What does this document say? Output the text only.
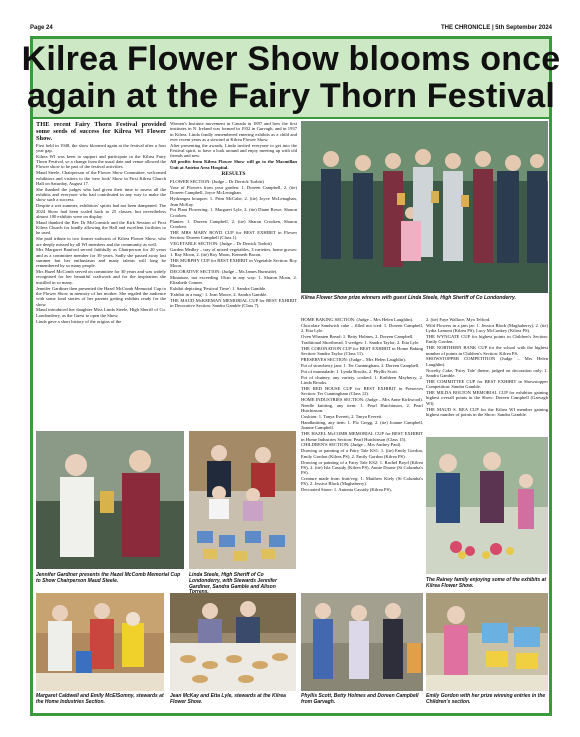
Page 24	THE CHRONICLE | 5th September 2024
Kilrea Flower Show blooms once
again at the Fairy Thorn Festival

THE recent Fairy Thorn Festival provided some seeds of success for Kilrea WI Flower Show.

First held in 1948, the show bloomed again at the festival after a four year gap.

Kilrea WI was keen to support and participate in the Kilrea Fairy Thorn Festival, so a change from the usual date and venue allowed the Flower show to be part of the festival activities.

Maud Steele, Chairperson of the Flower Show Committee, welcomed exhibitors and visitors to the 'new look' Show in First Kilrea Church Hall on Saturday, August 17.

She thanked the judges who had given their time to assess all the exhibits and everyone who had contributed in any way to make the show such a success.

Despite a wet summer, exhibitors' spirits had not been dampened. The 2024 Show had been scaled back to 25 classes, but nevertheless almost 100 exhibits were on display.

Maud thanked the Rev Dr McCormick and the Kirk Session of First Kilrea Church for kindly allowing the Hall and excellent facilities to be used.

She paid tribute to two former stalwarts of Kilrea Flower Show, who are deeply missed by all WI members and the community as well.

Mrs Margaret Banford served faithfully as Chairperson for 20 years and as a committee member for 39 years. Sadly she passed away last summer but her enthusiasm and many talents will long be remembered by so many people.

Mrs Hazel McComb served on committee for 30 years and was widely recognised for her beautiful craftwork and for the inspiration she instilled in so many.

Jennifer Gardiner then presented the Hazel McComb Memorial Cup to the Flower Show in memory of her mother. She regaled the audience with some fond stories of her parents getting exhibits ready for the show.

Maud introduced her daughter Miss Linda Steele, High Sheriff of Co. Londonderry, as the Guest to open the Show.

Linda gave a short history of the origins of the

Women's Institute movement in Canada in 1897 and how the first institutes in N. Ireland was formed in 1932 in Garvagh, and in 1937 in Kilrea. Linda fondly remembered entering exhibits as a child and ever recent years as a steward at Kilrea Flower Show.

After presenting the awards, Linda invited everyone to get into the Festival spirit, to have a look around and enjoy meeting up with old friends and new.

All profits from Kilrea Flower Show will go to the Macmillan Unit at Antrim Area Hospital.

RESULTS

FLOWER SECTION: (Judge – Dr Derrick Turbitt)

Vase of Flowers from your garden: 1. Doreen Campbell, 2. (tie) Doreen Campbell, Joyce McLenaghan.

Hydrangea bouquet: 1. Prim McCabe, 2. (tie) Joyce McLenaghan, Jean McKay.

Pot Plant Flowering: 1. Margaret Lyle, 2. (tie) Diane Rowe, Sharon Crooken.

Planter: 1. Doreen Campbell, 2. (tie) Sharon Crooken, Sharon Crooken.

THE MRS MARY BOYD CUP for BEST EXHIBIT in Flower Section: Doreen Campbell (Class 1).

VEGETABLE SECTION: (Judge – Dr Derrick Turbitt)

Garden Medley – tray of mixed vegetables, 3 varieties, home grown: 1. Ray Moon, 2. (tie) Roy Moon, Kenneth Bacon.

THE MURPHY CUP for BEST EXHIBIT in Vegetable Section: Roy Moon.

DECORATIVE SECTION: (Judge – Ms James Burnside).

Miniature, not exceeding 10cm in any way: 1. Sharon Moon, 2. Elizabeth Conner.

Exhibit depicting 'Festival Time': 1. Sandra Gamble.

'Exhibit in a mug': 1. Jean Moore, 2. Sandra Gamble.

THE MAUD McKEEMAN MEMORIAL CUP for BEST EXHIBIT in Decorative Section: Sandra Gamble (Class 7).

HOME BAKING SECTION: (Judge – Mrs Helen Laughlin).

Chocolate Sandwich cake – filled not iced: 1. Doreen Campbell, 2. Etta Lyle.

Oven Wheaten Bread: 1. Betty Holmes, 2. Doreen Campbell.

Traditional Shortbread, 5 wedges: 1. Sandra Taylor, 2. Etta Lyle.

THE CORONATION CUP for BEST EXHIBIT in Home Baking Section: Sandra Taylor (Class 11).

PRESERVES SECTION: (Judge – Mrs Helen Laughlin).

Pot of strawberry jam: 1. Ter Cunningham, 2. Doreen Campbell.

Pot of marmalade: 1. Lynda Brooks, 2. Phyllis Scott.

Pot of chutney, any variety, cooked: 1. Kathleen Mayberry, 2. Linda Brooks.

THE RED HOUSE CUP for BEST EXHIBIT in Preserves Section: Ter Cunningham (Class 12).

HOME INDUSTRIES SECTION: (Judge – Mrs Anne Kirkwood).

Needle knitting, any item: 1. Pearl Hutchinson, 2. Pearl Hutchinson.

Cushion: 1. Tanya Everett, 2. Tanya Everett.

Handknitting, any item: 1. Flo Gregg, 2. (tie) Joanne Campbell, Joanne Campbell.

THE HAZEL McCOMB MEMORIAL CUP for BEST EXHIBIT in Home Industries Section: Pearl Hutchinson (Class 15).

CHILDREN'S SECTION: (Judge – Mrs Audrey Paul).

Drawing or painting of a Fairy Tale KS1: 1. (tie) Emily Gordon, Emily Gordon (Kilrea PS), 2. Emily Gordon (Kilrea PS).

Drawing or painting of a Fairy Tale KS2: 1. Rachel Boyd (Kilrea PS), 2. (tie) Isla Cassidy (Kilrea PS), Annie Doone (St Columba's PS).

Creature made from fruit/veg: 1. Matthew Kiely (St Columba's PS), 2. Jessica Black (Maghaberry).

Decorated Stone: 1. Antonia Cassidy (Kilrea PS),

2. (tie) Faye Wallace, Mya Telford.

Wild Flowers in a jam jar: 1. Jessica Black (Maghaberry), 2. (tie) Lydia Lamont (Kilrea PS), Lucy McConkey (Kilrea PS).

THE WYNGATE CUP for highest points in Children's Section: Emily Gordon.

THE NORTHERN BANK CUP for the school with the highest number of points in Children's Section: Kilrea PS.

SHOWSTOPPER COMPETITION (Judge – Mrs Helen Laughlin).

Novelty Cake, 'Fairy Tale' theme, judged on decoration only: 1. Sandra Gamble.

THE COMMITTEE CUP for BEST EXHIBIT in Showstopper Competition: Sandra Gamble.

THE MILDA BOLTON MEMORIAL CUP for exhibitor gaining highest overall points in the Show: Doreen Campbell (Garvagh WI).

THE MAUD S. REA CUP for the Kilrea WI member gaining highest number of points in the Show: Sandra Gamble.

Kilrea Flower Show prize winners with guest Linda Steele, High Sheriff of Co Londonderry.
Jennifer Gardiner presents the Hazel McComb Memorial Cup to Show Chairperson Maud Steele.
Linda Steele, High Sheriff of Co Londonderry, with Stewards Jennifer Gardiner, Sandra Gamble and Alison
The Rainey family enjoying some of the exhibits at Kilrea Flower Show.
Margaret Caldwell and Emily McElSomny, stewards at the Home Industries Section.
Jean McKay and Etta Lyle, stewards at the Kilrea Flower Show.
Phyllis Scott, Betty Holmes and Doreen Campbell from Garvagh.
Emily Gordon with her prize winning entries in the Children's section.
